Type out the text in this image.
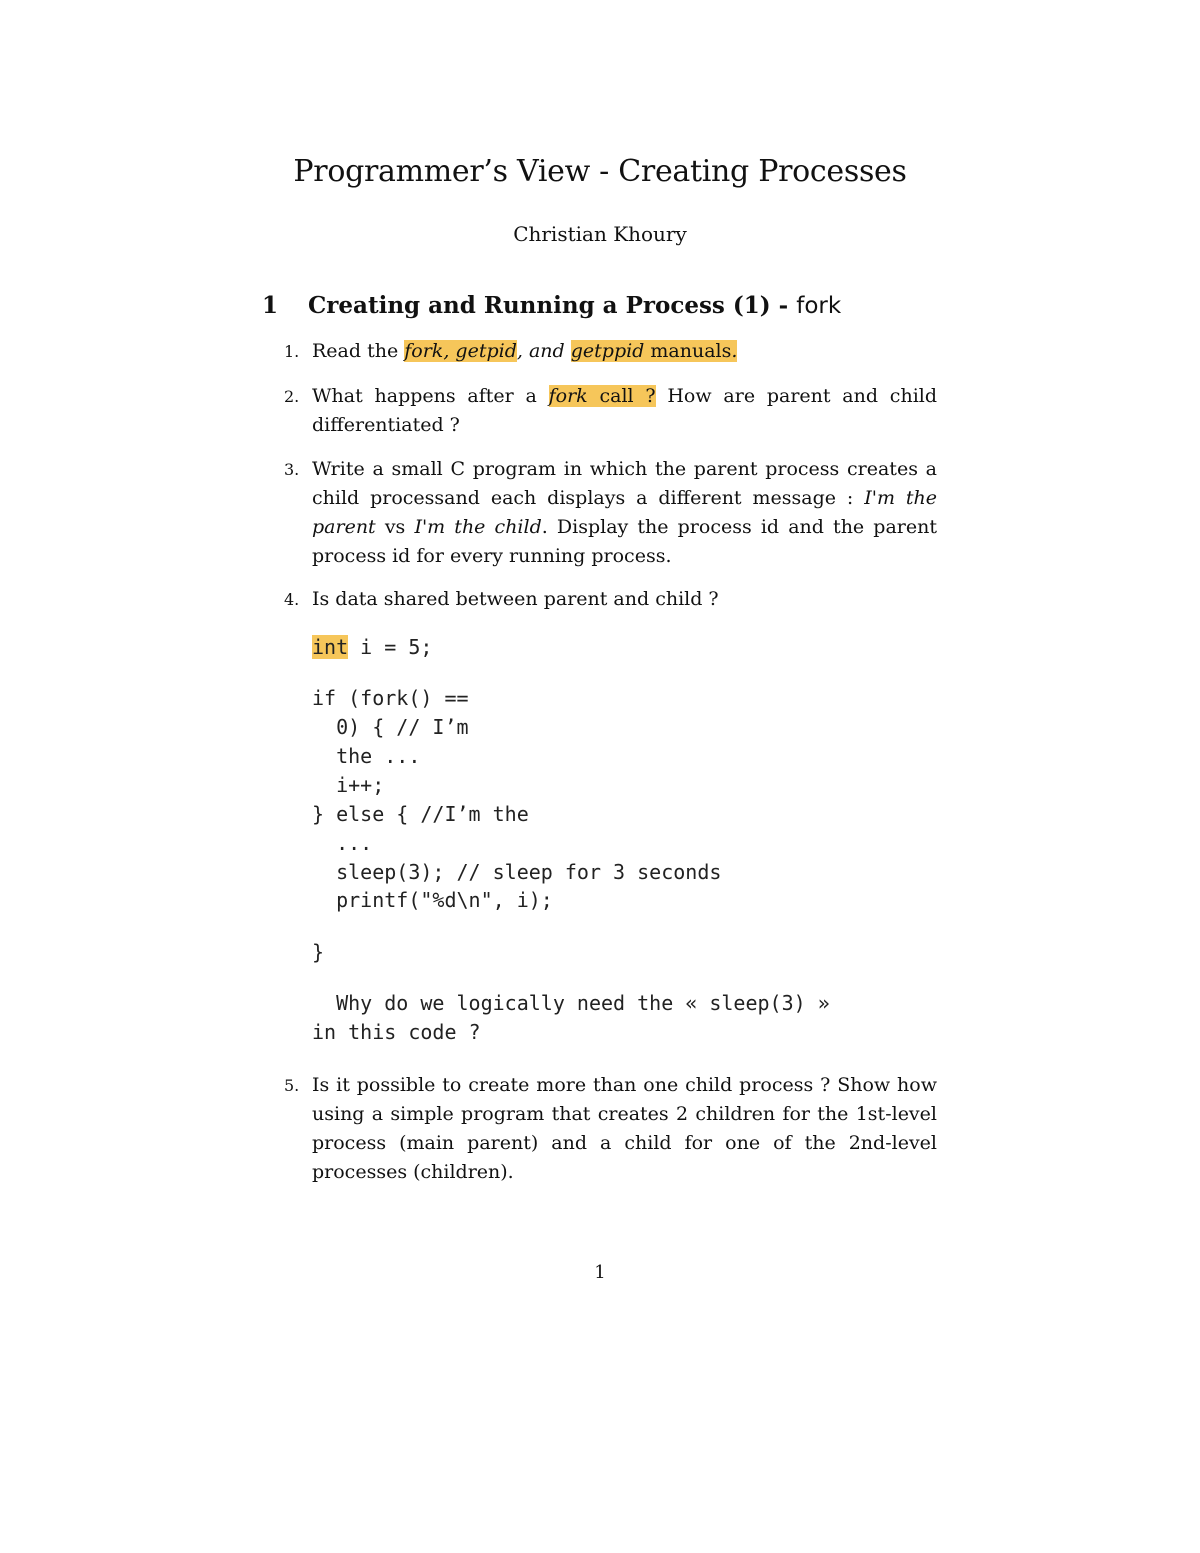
Programmer’s View - Creating Processes
Christian Khoury
1 Creating and Running a Process (1) - fork
1. Read the fork, getpid, and getppid manuals.
2. What happens after a fork call ? How are parent and child differentiated ?
3. Write a small C program in which the parent process creates a child processand each displays a different message : I'm the parent vs I'm the child. Display the process id and the parent process id for every running process.
4. Is data shared between parent and child ?
int i = 5;
if (fork() ==
0) { // I’m
the ...
i++;
} else { //I’m the
...
sleep(3); // sleep for 3 seconds
printf("%d\n", i);
}
Why do we logically need the « sleep(3) »
in this code ?
5. Is it possible to create more than one child process ? Show how using a simple program that creates 2 children for the 1st-level process (main parent) and a child for one of the 2nd-level processes (children).
1
